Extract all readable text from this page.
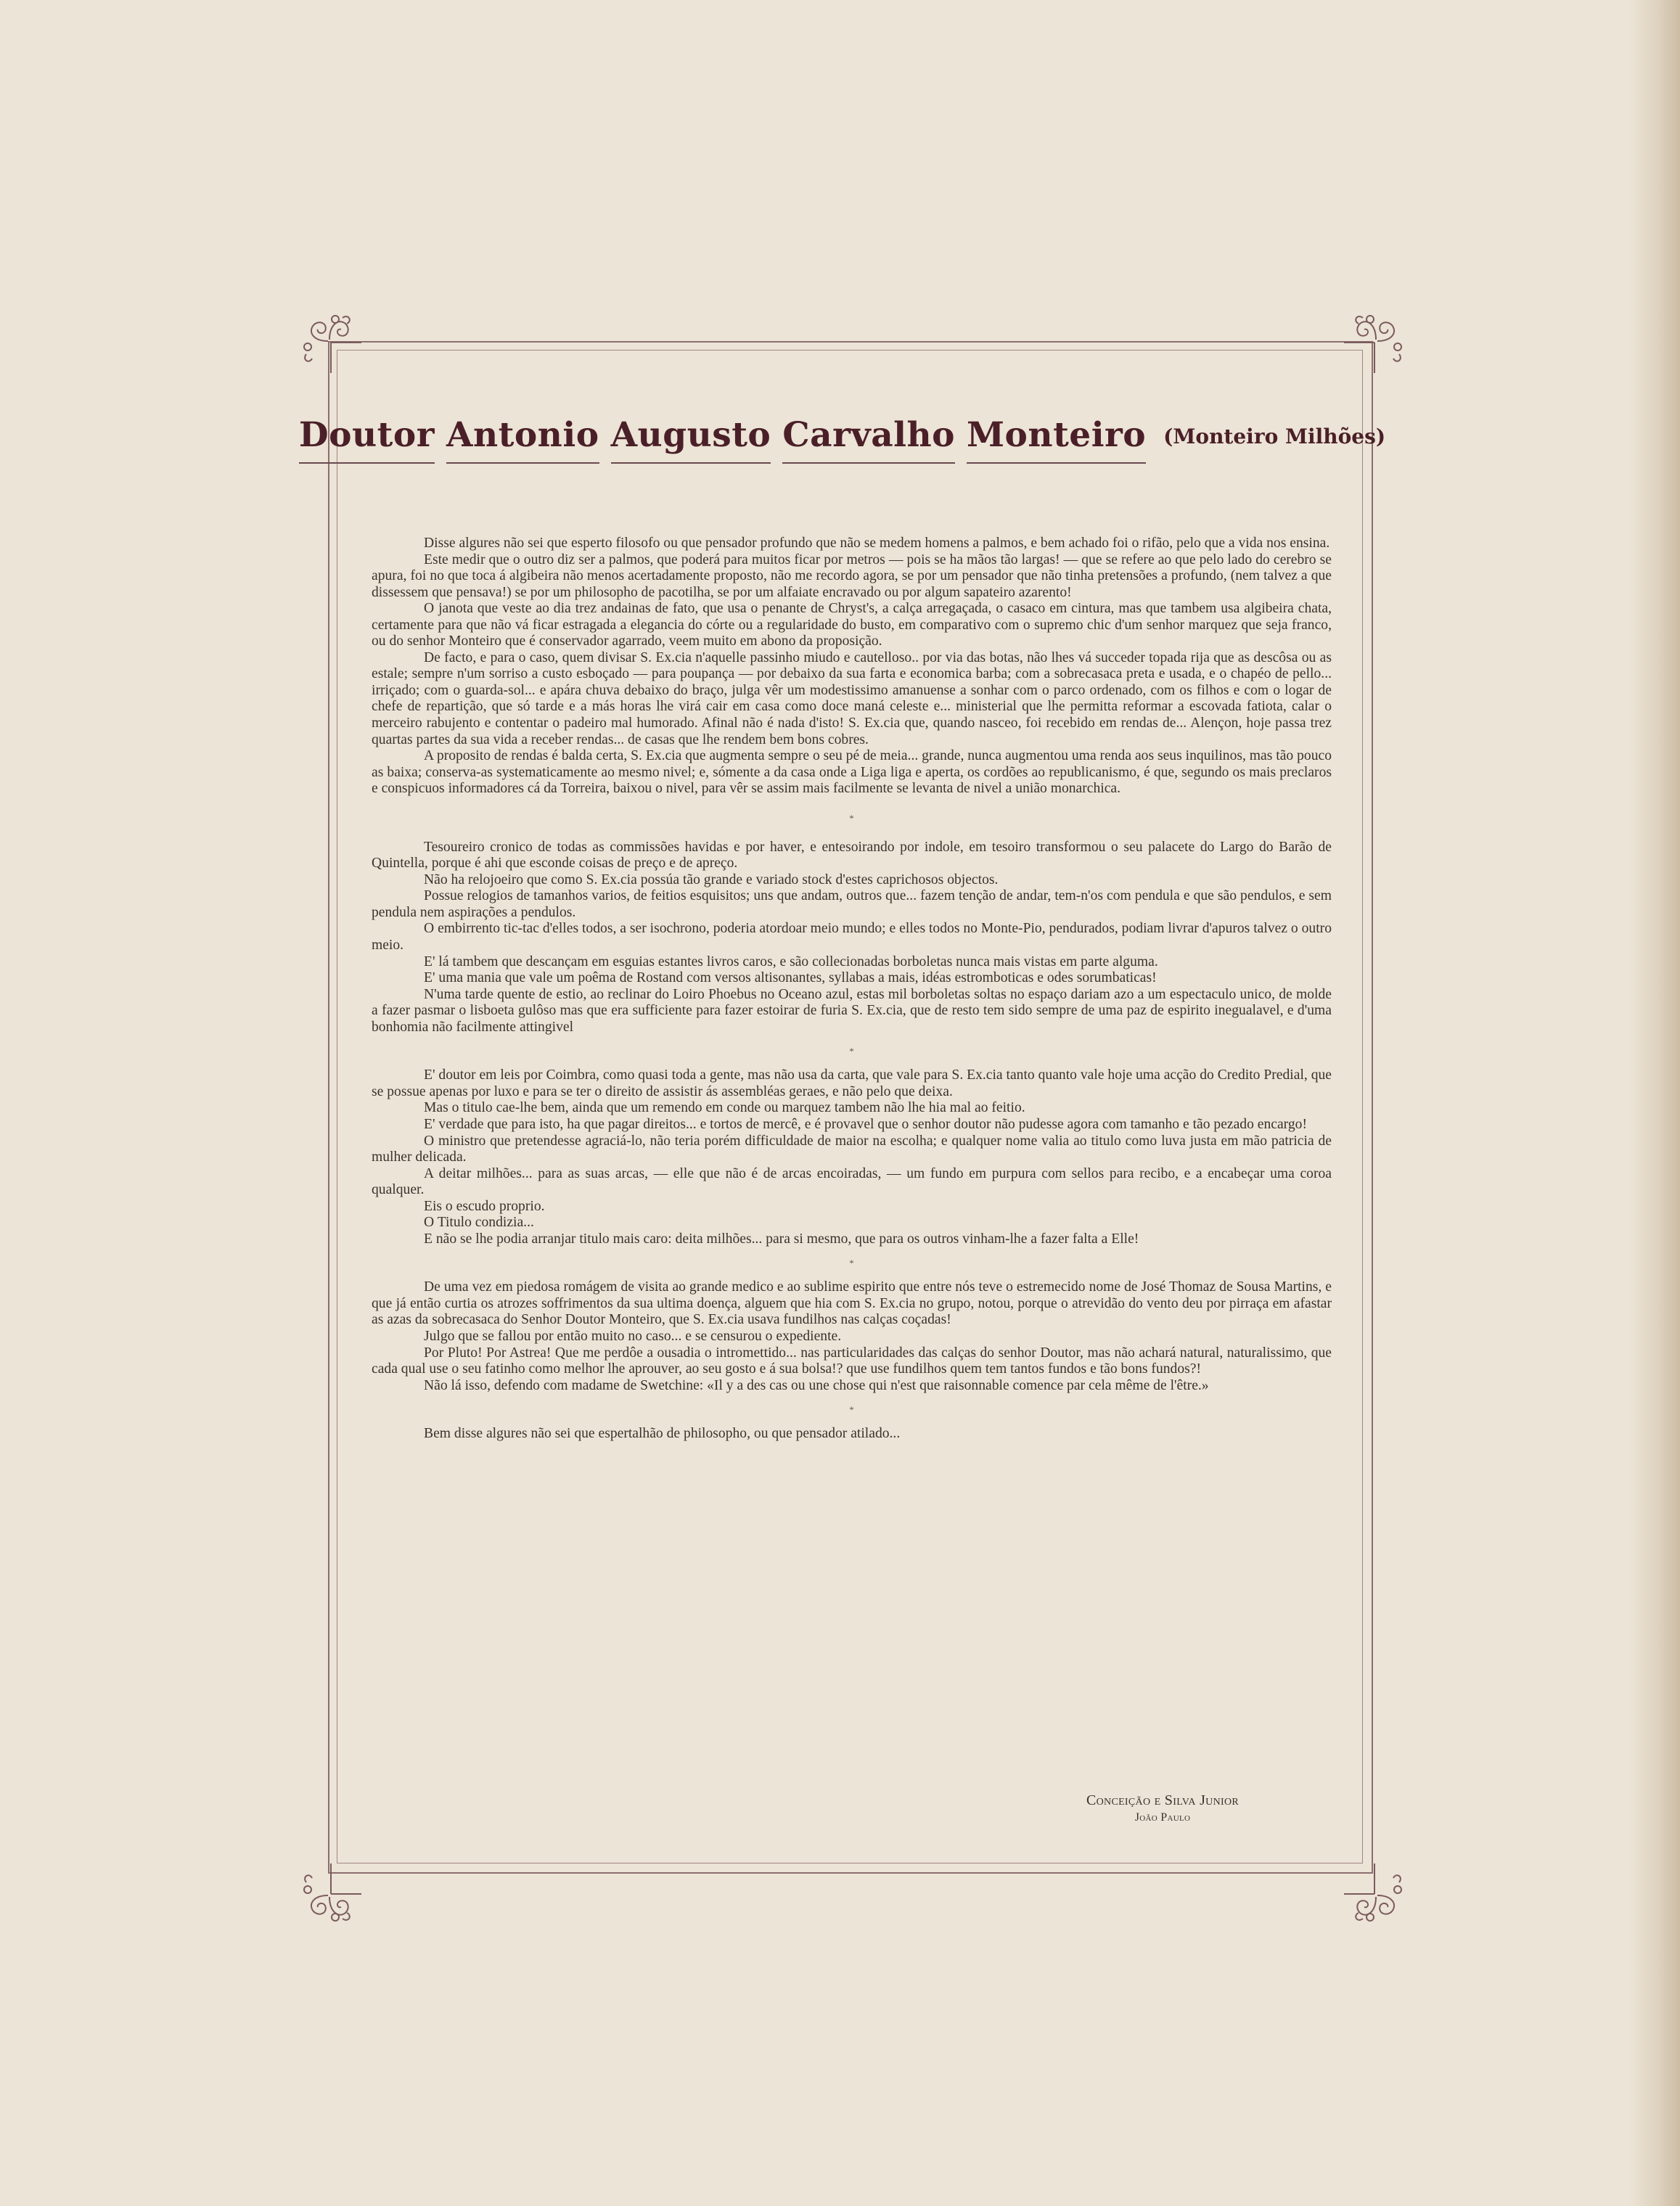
Doutor Antonio Augusto Carvalho Monteiro (Monteiro Milhões)

Disse algures não sei que esperto filosofo ou que pensador profundo que não se medem homens a palmos, e bem achado foi o rifão, pelo que a vida nos ensina.

Este medir que o outro diz ser a palmos, que poderá para muitos ficar por metros — pois se ha mãos tão largas! — que se refere ao que pelo lado do cerebro se apura, foi no que toca á algibeira não menos acertadamente proposto, não me recordo agora, se por um pensador que não tinha pretensões a profundo, (nem talvez a que dissessem que pensava!) se por um philosopho de pacotilha, se por um alfaiate encravado ou por algum sapateiro azarento!

O janota que veste ao dia trez andainas de fato, que usa o penante de Chryst's, a calça arregaçada, o casaco em cintura, mas que tambem usa algibeira chata, certamente para que não vá ficar estragada a elegancia do córte ou a regularidade do busto, em comparativo com o supremo chic d'um senhor marquez que seja franco, ou do senhor Monteiro que é conservador agarrado, veem muito em abono da proposição.

De facto, e para o caso, quem divisar S. Ex.cia n'aquelle passinho miudo e cautelloso.. por via das botas, não lhes vá succeder topada rija que as descôsa ou as estale; sempre n'um sorriso a custo esboçado — para poupança — por debaixo da sua farta e economica barba; com a sobrecasaca preta e usada, e o chapéo de pello... irriçado; com o guarda-sol... e apára chuva debaixo do braço, julga vêr um modestissimo amanuense a sonhar com o parco ordenado, com os filhos e com o logar de chefe de repartição, que só tarde e a más horas lhe virá cair em casa como doce maná celeste e... ministerial que lhe permitta reformar a escovada fatiota, calar o merceiro rabujento e contentar o padeiro mal humorado. Afinal não é nada d'isto! S. Ex.cia que, quando nasceo, foi recebido em rendas de... Alençon, hoje passa trez quartas partes da sua vida a receber rendas... de casas que lhe rendem bem bons cobres.

A proposito de rendas é balda certa, S. Ex.cia que augmenta sempre o seu pé de meia... grande, nunca augmentou uma renda aos seus inquilinos, mas tão pouco as baixa; conserva-as systematicamente ao mesmo nivel; e, sómente a da casa onde a Liga liga e aperta, os cordões ao republicanismo, é que, segundo os mais preclaros e conspicuos informadores cá da Torreira, baixou o nivel, para vêr se assim mais facilmente se levanta de nivel a união monarchica.

*

Tesoureiro cronico de todas as commissões havidas e por haver, e entesoirando por indole, em tesoiro transformou o seu palacete do Largo do Barão de Quintella, porque é ahi que esconde coisas de preço e de apreço.

Não ha relojoeiro que como S. Ex.cia possúa tão grande e variado stock d'estes caprichosos objectos.

Possue relogios de tamanhos varios, de feitios esquisitos; uns que andam, outros que... fazem tenção de andar, tem-n'os com pendula e que são pendulos, e sem pendula nem aspirações a pendulos.

O embirrento tic-tac d'elles todos, a ser isochrono, poderia atordoar meio mundo; e elles todos no Monte-Pio, pendurados, podiam livrar d'apuros talvez o outro meio.

E' lá tambem que descançam em esguias estantes livros caros, e são collecionadas borboletas nunca mais vistas em parte alguma.

E' uma mania que vale um poêma de Rostand com versos altisonantes, syllabas a mais, idéas estromboticas e odes sorumbaticas!

N'uma tarde quente de estio, ao reclinar do Loiro Phoebus no Oceano azul, estas mil borboletas soltas no espaço dariam azo a um espectaculo unico, de molde a fazer pasmar o lisboeta gulôso mas que era sufficiente para fazer estoirar de furia S. Ex.cia, que de resto tem sido sempre de uma paz de espirito inegualavel, e d'uma bonhomia não facilmente attingivel

*

E' doutor em leis por Coimbra, como quasi toda a gente, mas não usa da carta, que vale para S. Ex.cia tanto quanto vale hoje uma acção do Credito Predial, que se possue apenas por luxo e para se ter o direito de assistir ás assembléas geraes, e não pelo que deixa.

Mas o titulo cae-lhe bem, ainda que um remendo em conde ou marquez tambem não lhe hia mal ao feitio.

E' verdade que para isto, ha que pagar direitos... e tortos de mercê, e é provavel que o senhor doutor não pudesse agora com tamanho e tão pezado encargo!

O ministro que pretendesse agraciá-lo, não teria porém difficuldade de maior na escolha; e qualquer nome valia ao titulo como luva justa em mão patricia de mulher delicada.

A deitar milhões... para as suas arcas, — elle que não é de arcas encoiradas, — um fundo em purpura com sellos para recibo, e a encabeçar uma coroa qualquer.

Eis o escudo proprio.

O Titulo condizia...

E não se lhe podia arranjar titulo mais caro: deita milhões... para si mesmo, que para os outros vinham-lhe a fazer falta a Elle!

*

De uma vez em piedosa romágem de visita ao grande medico e ao sublime espirito que entre nós teve o estremecido nome de José Thomaz de Sousa Martins, e que já então curtia os atrozes soffrimentos da sua ultima doença, alguem que hia com S. Ex.cia no grupo, notou, porque o atrevidão do vento deu por pirraça em afastar as azas da sobrecasaca do Senhor Doutor Monteiro, que S. Ex.cia usava fundilhos nas calças coçadas!

Julgo que se fallou por então muito no caso... e se censurou o expediente.

Por Pluto! Por Astrea! Que me perdôe a ousadia o intromettido... nas particularidades das calças do senhor Doutor, mas não achará natural, naturalissimo, que cada qual use o seu fatinho como melhor lhe aprouver, ao seu gosto e á sua bolsa!? que use fundilhos quem tem tantos fundos e tão bons fundos?!

Não lá isso, defendo com madame de Swetchine: «Il y a des cas ou une chose qui n'est que raisonnable comence par cela même de l'être.»

*

Bem disse algures não sei que espertalhão de philosopho, ou que pensador atilado...

Conceição e Silva Junior
João Paulo
